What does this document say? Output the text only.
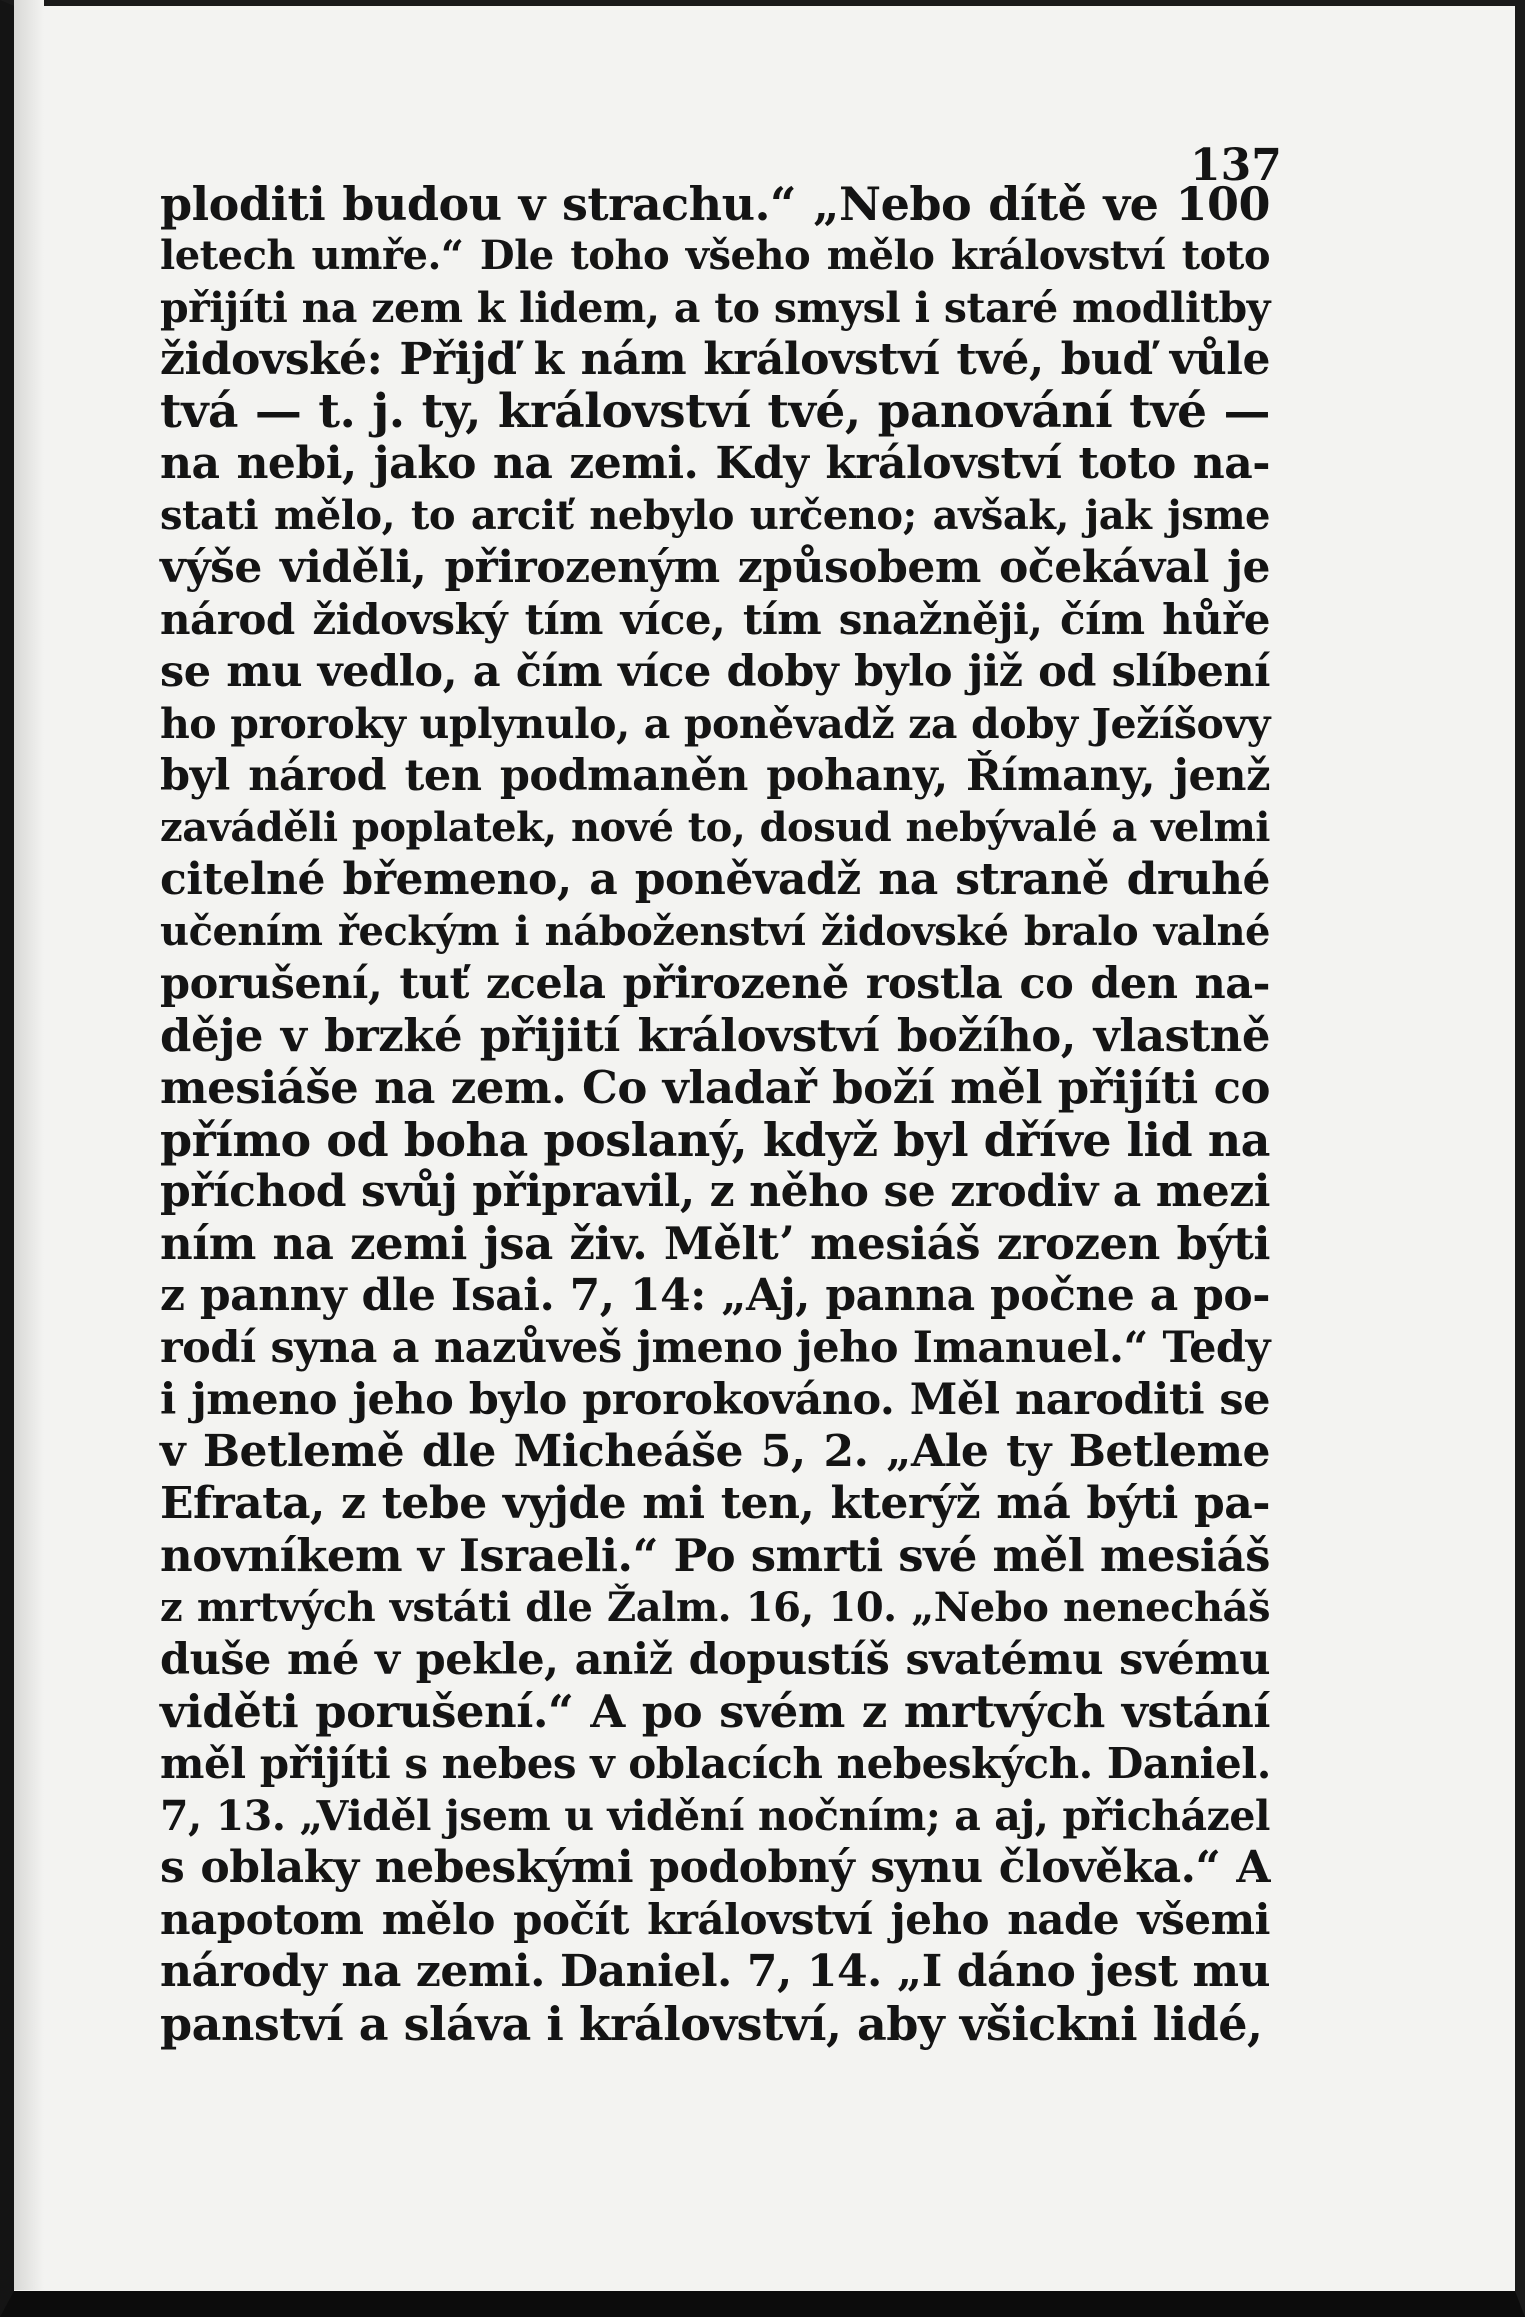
137
ploditi budou v strachu.“ „Nebo dítě ve 100
letech umře.“ Dle toho všeho mělo království toto
přijíti na zem k lidem, a to smysl i staré modlitby
židovské: Přijď k nám království tvé, buď vůle
tvá — t. j. ty, království tvé, panování tvé —
na nebi, jako na zemi. Kdy království toto na-
stati mělo, to arciť nebylo určeno; avšak, jak jsme
výše viděli, přirozeným způsobem očekával je
národ židovský tím více, tím snažněji, čím hůře
se mu vedlo, a čím více doby bylo již od slíbení
ho proroky uplynulo, a poněvadž za doby Ježíšovy
byl národ ten podmaněn pohany, Římany, jenž
zaváděli poplatek, nové to, dosud nebývalé a velmi
citelné břemeno, a poněvadž na straně druhé
učením řeckým i náboženství židovské bralo valné
porušení, tuť zcela přirozeně rostla co den na-
děje v brzké přijití království božího, vlastně
mesiáše na zem. Co vladař boží měl přijíti co
přímo od boha poslaný, když byl dříve lid na
příchod svůj připravil, z něho se zrodiv a mezi
ním na zemi jsa živ. Měltʼ mesiáš zrozen býti
z panny dle Isai. 7, 14: „Aj, panna počne a po-
rodí syna a nazůveš jmeno jeho Imanuel.“ Tedy
i jmeno jeho bylo prorokováno. Měl naroditi se
v Betlemě dle Micheáše 5, 2. „Ale ty Betleme
Efrata, z tebe vyjde mi ten, kterýž má býti pa-
novníkem v Israeli.“ Po smrti své měl mesiáš
z mrtvých vstáti dle Žalm. 16, 10. „Nebo nenecháš
duše mé v pekle, aniž dopustíš svatému svému
viděti porušení.“ A po svém z mrtvých vstání
měl přijíti s nebes v oblacích nebeských. Daniel.
7, 13. „Viděl jsem u vidění nočním; a aj, přicházel
s oblaky nebeskými podobný synu člověka.“ A
napotom mělo počít království jeho nade všemi
národy na zemi. Daniel. 7, 14. „I dáno jest mu
panství a sláva i království, aby všickni lidé,
